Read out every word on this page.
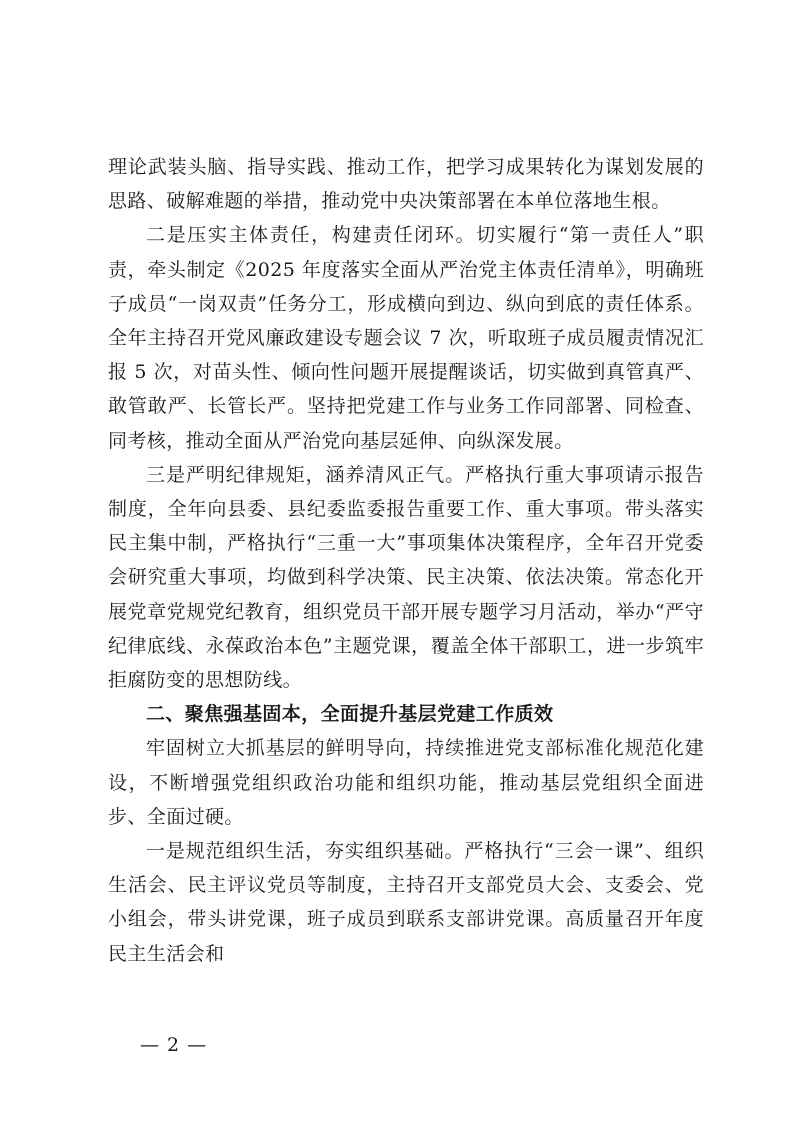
理论武装头脑、指导实践、推动工作，把学习成果转化为谋划发展的思路、破解难题的举措，推动党中央决策部署在本单位落地生根。

二是压实主体责任，构建责任闭环。切实履行“第一责任人”职责，牵头制定《2025 年度落实全面从严治党主体责任清单》，明确班子成员“一岗双责”任务分工，形成横向到边、纵向到底的责任体系。全年主持召开党风廉政建设专题会议 7 次，听取班子成员履责情况汇报 5 次，对苗头性、倾向性问题开展提醒谈话，切实做到真管真严、敢管敢严、长管长严。坚持把党建工作与业务工作同部署、同检查、同考核，推动全面从严治党向基层延伸、向纵深发展。

三是严明纪律规矩，涵养清风正气。严格执行重大事项请示报告制度，全年向县委、县纪委监委报告重要工作、重大事项。带头落实民主集中制，严格执行“三重一大”事项集体决策程序，全年召开党委会研究重大事项，均做到科学决策、民主决策、依法决策。常态化开展党章党规党纪教育，组织党员干部开展专题学习月活动，举办“严守纪律底线、永葆政治本色”主题党课，覆盖全体干部职工，进一步筑牢拒腐防变的思想防线。

二、聚焦强基固本，全面提升基层党建工作质效

牢固树立大抓基层的鲜明导向，持续推进党支部标准化规范化建设，不断增强党组织政治功能和组织功能，推动基层党组织全面进步、全面过硬。

一是规范组织生活，夯实组织基础。严格执行“三会一课”、组织生活会、民主评议党员等制度，主持召开支部党员大会、支委会、党小组会，带头讲党课，班子成员到联系支部讲党课。高质量召开年度民主生活会和

— 2 —
